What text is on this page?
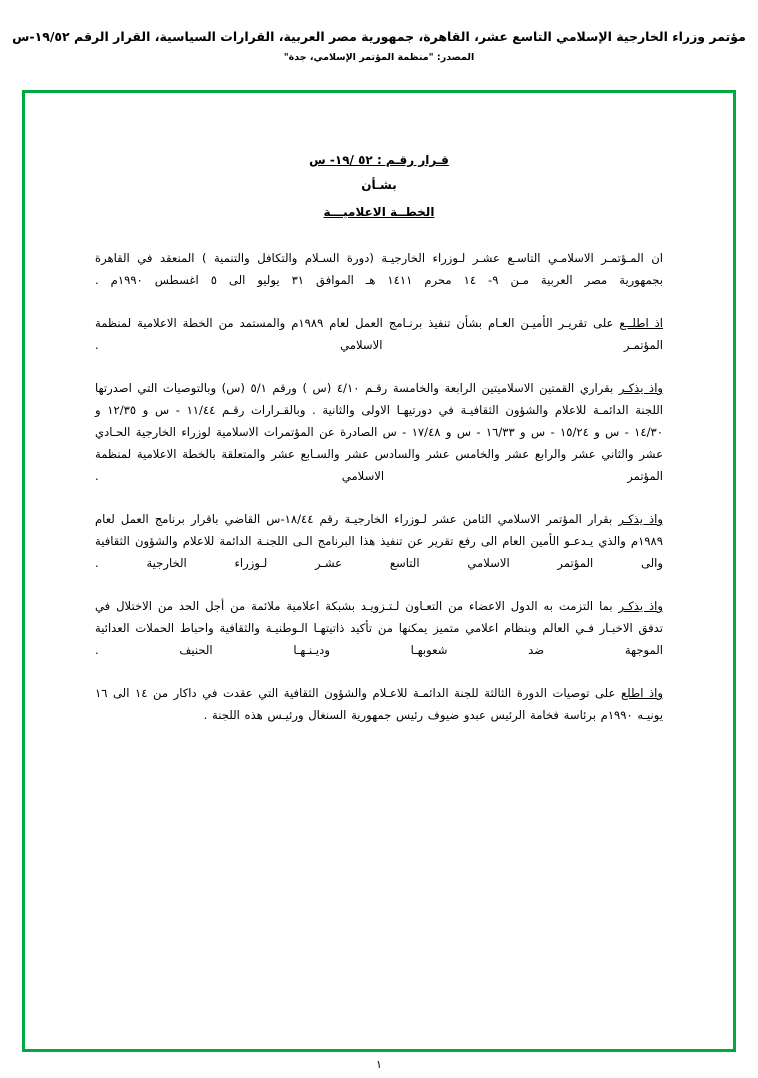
مؤتمر وزراء الخارجية الإسلامي التاسع عشر، القاهرة، جمهورية مصر العربية، القرارات السياسية، القرار الرقم ١٩/٥٢-س
المصدر: "منظمة المؤتمر الإسلامي، جدة"
قـرار رقـم : ٥٢ /١٩- س
بشـأن
الخطــة الاعلاميـــة

ان المـؤتمـر الاسلامـي التاسـع عشـر لـوزراء الخارجيـة (دورة السـلام والتكافل والتنمية ) المنعقد في القاهرة بجمهورية مصر العربية مـن ٩- ١٤ محرم ١٤١١ هـ الموافق ٣١ يوليو الى ٥ اغسطس ١٩٩٠م .

اذ اطلــع على تقريـر الأميـن العـام بشأن تنفيذ برنـامج العمل لعام ١٩٨٩م والمستمد من الخطة الاعلامية لمنظمة المؤتمـر الاسلامي .

واذ يذكـر بقراري القمتين الاسلاميتين الرابعة والخامسة رقـم ٤/١٠ (س ) ورقم ٥/١ (س) وبالتوصيات التي اصدرتها اللجنة الدائمـة للاعلام والشؤون الثقافيـة في دورتيهـا الاولى والثانية . وبالقـرارات رقـم ١١/٤٤ - س و ١٢/٣٥ و ١٤/٣٠ - س و ١٥/٢٤ - س و ١٦/٣٣ - س و ١٧/٤٨ - س الصادرة عن المؤتمرات الاسلامية لوزراء الخارجية الحـادي عشر والثاني عشر والرابع عشر والخامس عشر والسادس عشر والسـابع عشر والمتعلقة بالخطة الاعلامية لمنظمة المؤتمر الاسلامي .

واذ يذكـر بقرار المؤتمر الاسلامي الثامن عشر لـوزراء الخارجيـة رقم ١٨/٤٤-س القاضي باقرار برنامج العمل لعام ١٩٨٩م والذي يـدعـو الأمين العام الى رفع تقرير عن تنفيذ هذا البرنامج الـى اللجنـة الدائمة للاعلام والشؤون الثقافية والى المؤتمر الاسلامي التاسع عشـر لـوزراء الخارجية .

واذ يذكـر بما التزمت به الدول الاعضاء من التعـاون لـتـزويـد بشبكة اعلامية ملائمة من أجل الحد من الاختلال في تدفق الاخبـار فـي العالم وبنظام اعلامي متميز يمكنها من تأكيد ذاتيتهـا الـوطنيـة والثقافية واحباط الحملات العدائية الموجهة ضد شعوبهـا وديـنـهـا الحنيف .

واذ اطلع على توصيات الدورة الثالثة للجنة الدائمـة للاعـلام والشؤون الثقافية التي عقدت في داكار من ١٤ الى ١٦ يونيـه ١٩٩٠م برئاسة فخامة الرئيس عبدو ضيوف رئيس جمهورية السنغال ورئيـس هذه اللجنة .

١
